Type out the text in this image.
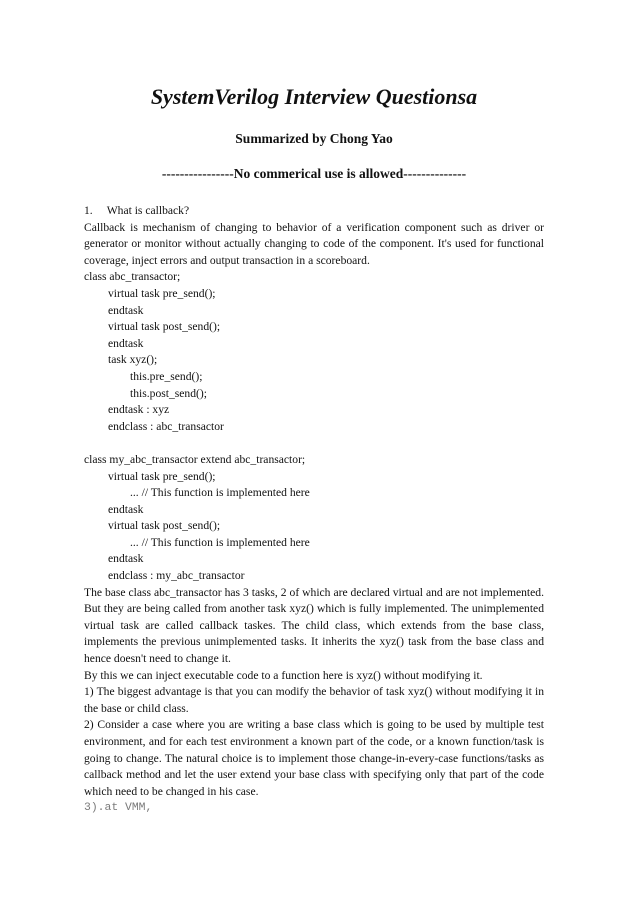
SystemVerilog Interview Questionsa
Summarized by Chong Yao
----------------No commerical use is allowed--------------
1. What is callback?

Callback is mechanism of changing to behavior of a verification component such as driver or generator or monitor without actually changing to code of the component. It's used for functional coverage, inject errors and output transaction in a scoreboard.

class abc_transactor;
virtual task pre_send();
endtask
virtual task post_send();
endtask
task xyz();
this.pre_send();
this.post_send();
endtask : xyz
endclass : abc_transactor
class my_abc_transactor extend abc_transactor;
virtual task pre_send();
... // This function is implemented here
endtask
virtual task post_send();
... // This function is implemented here
endtask
endclass : my_abc_transactor

The base class abc_transactor has 3 tasks, 2 of which are declared virtual and are not implemented. But they are being called from another task xyz() which is fully implemented. The unimplemented virtual task are called callback taskes. The child class, which extends from the base class, implements the previous unimplemented tasks. It inherits the xyz() task from the base class and hence doesn't need to change it.

By this we can inject executable code to a function here is xyz() without modifying it.

1) The biggest advantage is that you can modify the behavior of task xyz() without modifying it in the base or child class.

2) Consider a case where you are writing a base class which is going to be used by multiple test environment, and for each test environment a known part of the code, or a known function/task is going to change. The natural choice is to implement those change-in-every-case functions/tasks as callback method and let the user extend your base class with specifying only that part of the code which need to be changed in his case.

3).at VMM,
